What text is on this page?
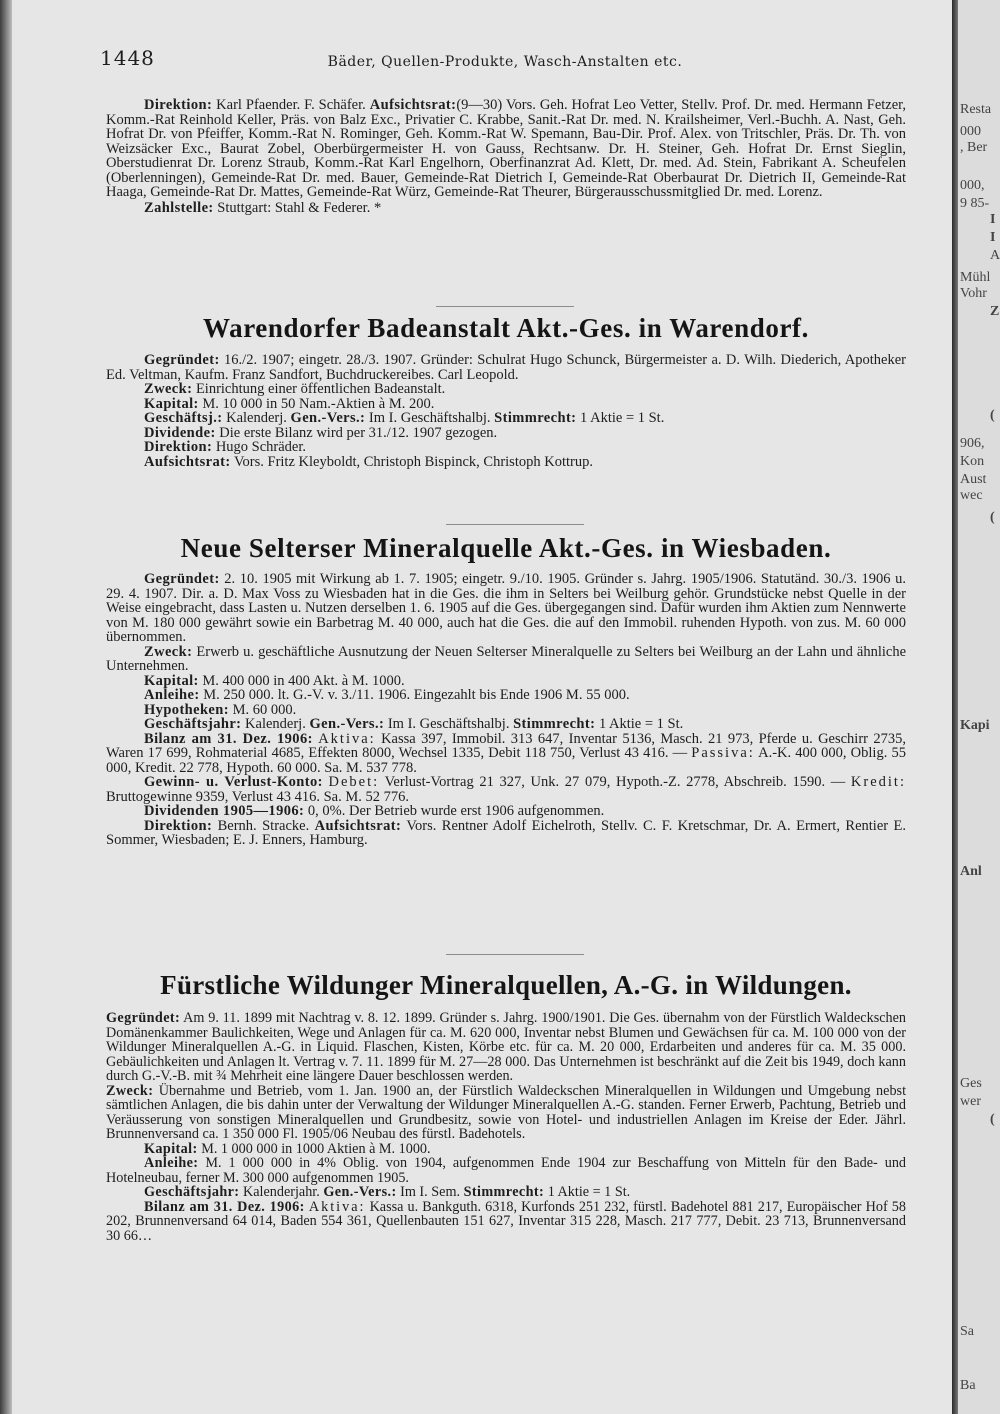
1448	Bäder, Quellen-Produkte, Wasch-Anstalten etc.

Direktion: Karl Pfaender. F. Schäfer. Aufsichtsrat:(9—30) Vors. Geh. Hofrat Leo Vetter, Stellv. Prof. Dr. med. Hermann Fetzer, Komm.-Rat Reinhold Keller, Präs. von Balz Exc., Privatier C. Krabbe, Sanit.-Rat Dr. med. N. Krailsheimer, Verl.-Buchh. A. Nast, Geh. Hofrat Dr. von Pfeiffer, Komm.-Rat N. Rominger, Geh. Komm.-Rat W. Spemann, Bau-Dir. Prof. Alex. von Tritschler, Präs. Dr. Th. von Weizsäcker Exc., Baurat Zobel, Oberbürgermeister H. von Gauss, Rechtsanw. Dr. H. Steiner, Geh. Hofrat Dr. Ernst Sieglin, Oberstudienrat Dr. Lorenz Straub, Komm.-Rat Karl Engelhorn, Oberfinanzrat Ad. Klett, Dr. med. Ad. Stein, Fabrikant A. Scheufelen (Oberlenningen), Gemeinde-Rat Dr. med. Bauer, Gemeinde-Rat Dietrich I, Gemeinde-Rat Oberbaurat Dr. Dietrich II, Gemeinde-Rat Haaga, Gemeinde-Rat Dr. Mattes, Gemeinde-Rat Würz, Gemeinde-Rat Theurer, Bürgerausschussmitglied Dr. med. Lorenz.

Zahlstelle: Stuttgart: Stahl & Federer. *

Warendorfer Badeanstalt Akt.-Ges. in Warendorf.

Gegründet: 16./2. 1907; eingetr. 28./3. 1907. Gründer: Schulrat Hugo Schunck, Bürgermeister a. D. Wilh. Diederich, Apotheker Ed. Veltman, Kaufm. Franz Sandfort, Buchdruckereibes. Carl Leopold.

Zweck: Einrichtung einer öffentlichen Badeanstalt.

Kapital: M. 10 000 in 50 Nam.-Aktien à M. 200.

Geschäftsj.: Kalenderj. Gen.-Vers.: Im I. Geschäftshalbj. Stimmrecht: 1 Aktie = 1 St.

Dividende: Die erste Bilanz wird per 31./12. 1907 gezogen.

Direktion: Hugo Schräder.

Aufsichtsrat: Vors. Fritz Kleyboldt, Christoph Bispinck, Christoph Kottrup.

Neue Selterser Mineralquelle Akt.-Ges. in Wiesbaden.

Gegründet: 2. 10. 1905 mit Wirkung ab 1. 7. 1905; eingetr. 9./10. 1905. Gründer s. Jahrg. 1905/1906. Statutänd. 30./3. 1906 u. 29. 4. 1907. Dir. a. D. Max Voss zu Wiesbaden hat in die Ges. die ihm in Selters bei Weilburg gehör. Grundstücke nebst Quelle in der Weise eingebracht, dass Lasten u. Nutzen derselben 1. 6. 1905 auf die Ges. übergegangen sind. Dafür wurden ihm Aktien zum Nennwerte von M. 180 000 gewährt sowie ein Barbetrag M. 40 000, auch hat die Ges. die auf den Immobil. ruhenden Hypoth. von zus. M. 60 000 übernommen.

Zweck: Erwerb u. geschäftliche Ausnutzung der Neuen Selterser Mineralquelle zu Selters bei Weilburg an der Lahn und ähnliche Unternehmen.

Kapital: M. 400 000 in 400 Akt. à M. 1000.

Anleihe: M. 250 000. lt. G.-V. v. 3./11. 1906. Eingezahlt bis Ende 1906 M. 55 000.

Hypotheken: M. 60 000.

Geschäftsjahr: Kalenderj. Gen.-Vers.: Im I. Geschäftshalbj. Stimmrecht: 1 Aktie = 1 St.

Bilanz am 31. Dez. 1906: Aktiva: Kassa 397, Immobil. 313 647, Inventar 5136, Masch. 21 973, Pferde u. Geschirr 2735, Waren 17 699, Rohmaterial 4685, Effekten 8000, Wechsel 1335, Debit 118 750, Verlust 43 416. — Passiva: A.-K. 400 000, Oblig. 55 000, Kredit. 22 778, Hypoth. 60 000. Sa. M. 537 778.

Gewinn- u. Verlust-Konto: Debet: Verlust-Vortrag 21 327, Unk. 27 079, Hypoth.-Z. 2778, Abschreib. 1590. — Kredit: Bruttogewinne 9359, Verlust 43 416. Sa. M. 52 776.

Dividenden 1905—1906: 0, 0%. Der Betrieb wurde erst 1906 aufgenommen.

Direktion: Bernh. Stracke. Aufsichtsrat: Vors. Rentner Adolf Eichelroth, Stellv. C. F. Kretschmar, Dr. A. Ermert, Rentier E. Sommer, Wiesbaden; E. J. Enners, Hamburg.

Fürstliche Wildunger Mineralquellen, A.-G. in Wildungen.

Gegründet: Am 9. 11. 1899 mit Nachtrag v. 8. 12. 1899. Gründer s. Jahrg. 1900/1901. Die Ges. übernahm von der Fürstlich Waldeckschen Domänenkammer Baulichkeiten, Wege und Anlagen für ca. M. 620 000, Inventar nebst Blumen und Gewächsen für ca. M. 100 000 von der Wildunger Mineralquellen A.-G. in Liquid. Flaschen, Kisten, Körbe etc. für ca. M. 20 000, Erdarbeiten und anderes für ca. M. 35 000. Gebäulichkeiten und Anlagen lt. Vertrag v. 7. 11. 1899 für M. 27—28 000. Das Unternehmen ist beschränkt auf die Zeit bis 1949, doch kann durch G.-V.-B. mit ¾ Mehrheit eine längere Dauer beschlossen werden.

Zweck: Übernahme und Betrieb, vom 1. Jan. 1900 an, der Fürstlich Waldeckschen Mineralquellen in Wildungen und Umgebung nebst sämtlichen Anlagen, die bis dahin unter der Verwaltung der Wildunger Mineralquellen A.-G. standen. Ferner Erwerb, Pachtung, Betrieb und Veräusserung von sonstigen Mineralquellen und Grundbesitz, sowie von Hotel- und industriellen Anlagen im Kreise der Eder. Jährl. Brunnenversand ca. 1 350 000 Fl. 1905/06 Neubau des fürstl. Badehotels.

Kapital: M. 1 000 000 in 1000 Aktien à M. 1000.

Anleihe: M. 1 000 000 in 4% Oblig. von 1904, aufgenommen Ende 1904 zur Beschaffung von Mitteln für den Bade- und Hotelneubau, ferner M. 300 000 aufgenommen 1905.

Geschäftsjahr: Kalenderjahr. Gen.-Vers.: Im I. Sem. Stimmrecht: 1 Aktie = 1 St.

Bilanz am 31. Dez. 1906: Aktiva: Kassa u. Bankguth. 6318, Kurfonds 251 232, fürstl. Badehotel 881 217, Europäischer Hof 58 202, Brunnenversand 64 014, Baden 554 361, Quellenbauten 151 627, Inventar 315 228, Masch. 217 777, Debit. 23 713, Brunnenversand 30 66…

Resta
000
, Ber
000,
9 85-
I
I
A
Mühl
Vohr
Z
(
906,
Kon
Aust
wec
(
Kapi
Anl
Ges
wer
(
Sa
Ba
